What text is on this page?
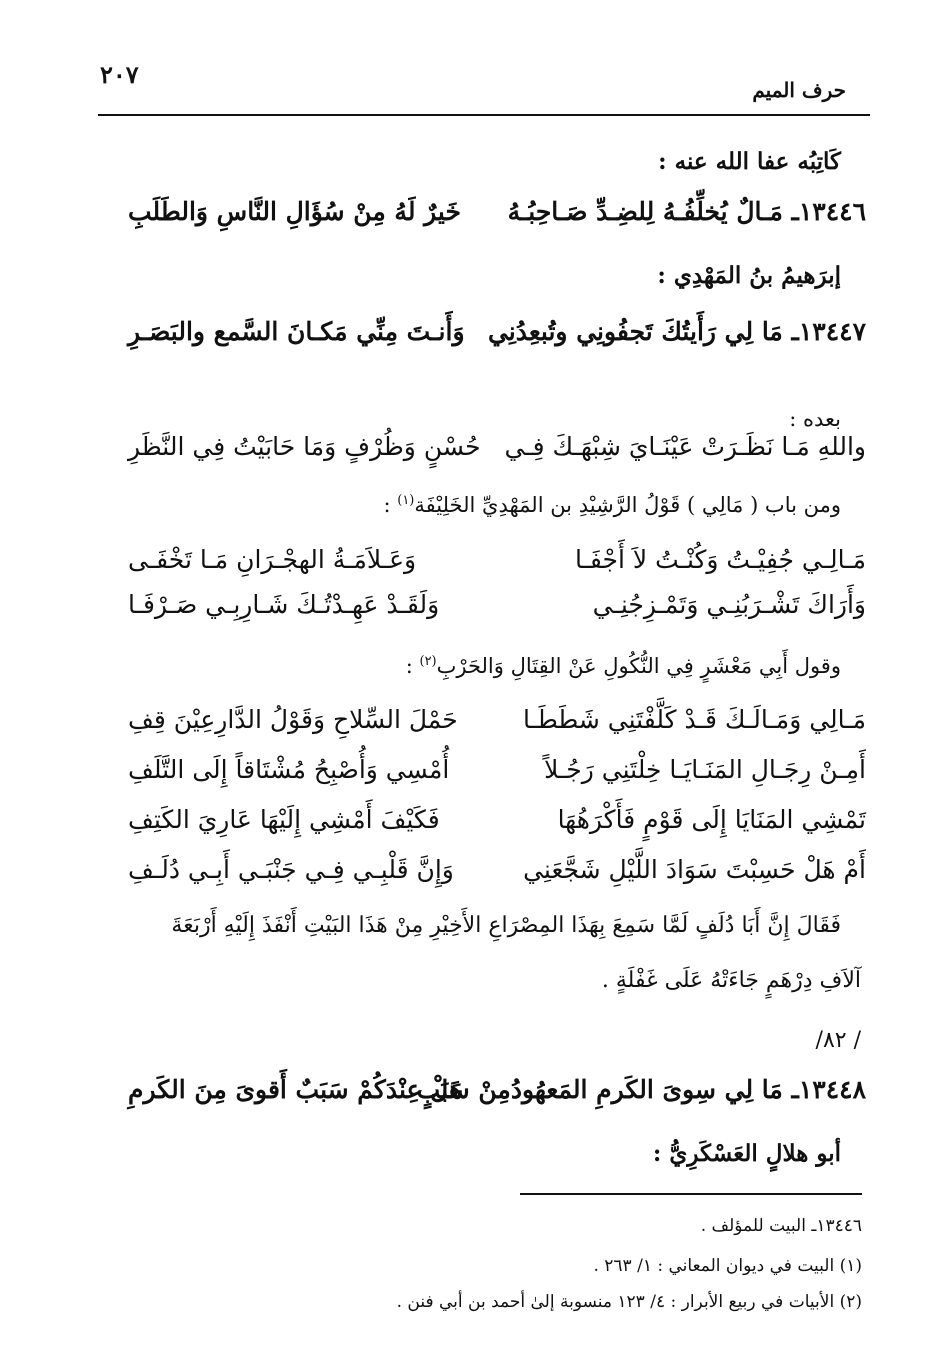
حرف الميم
٢٠٧
كَاتِبُه عفا الله عنه :
١٣٤٤٦ـ مَـالٌ يُخلِّفُـهُ لِلضِـدِّ صَـاحِبُـهُ
خَيرٌ لَهُ مِنْ سُؤَالِ النَّاسِ وَالطَلَبِ
إبرَهيمُ بنُ المَهْدِي :
١٣٤٤٧ـ مَا لِي رَأَيتُكَ تَجفُونِي وتُبعِدُنِي
وَأَنـتَ مِنِّي مَكـانَ السَّمع والبَصَـرِ
بعده :
واللهِ مَـا نَظَـرَتْ عَيْنَـايَ شِبْهَـكَ فِـي
حُسْنٍ وَظُرْفٍ وَمَا حَابَيْتُ فِي النَّظَرِ
ومن باب ( مَالِي ) قَوْلُ الرَّشِيْدِ بن المَهْدِيِّ الخَلِيْفَة$^{(١)}$ :
مَـالِـي جُفِيْـتُ وَكُنْـتُ لاَ أَجْفَـا
وَعَـلاَمَـةُ الهجْـرَانِ مَـا تَخْفَـى
وَأَرَاكَ تَشْـرَبُنِـي وَتَمْـزِجُنِـي
وَلَقَـدْ عَهِـدْتُـكَ شَـارِبِـي صَـرْفَـا
وقول أَبِي مَعْشَرٍ فِي النُّكُولِ عَنْ القِتَالِ وَالحَرْبِ$^{(٢)}$ :
مَـالِي وَمَـالَـكَ قَـدْ كَلَّفْتَنِي شَطَطَـا
حَمْلَ السِّلاحِ وَقَوْلُ الدَّارِعِيْنَ قِفِ
أَمِـنْ رِجَـالِ المَنَـايَـا خِلْتَنِي رَجُـلاً
أُمْسِي وَأُصْبِحُ مُشْتَاقاً إِلَى التَّلَفِ
تَمْشِي المَنَايَا إِلَى قَوْمٍ فَأَكْرَهُهَا
فَكَيْفَ أَمْشِي إِلَيْهَا عَارِيَ الكَتِفِ
أَمْ هَلْ حَسِبْتَ سَوَادَ اللَّيْلِ شَجَّعَنِي
وَإِنَّ قَلْبِـي فِـي جَنْبَـي أَبِـي دُلَـفِ
فَقَالَ إِنَّ أَبَا دُلَفٍ لَمَّا سَمِعَ بِهَذَا المِصْرَاعِ الأَخِيْرِ مِنْ هَذَا البَيْتِ أَنْفَذَ إِلَيْهِ أَرْبَعَةَ
آلاَفِ دِرْهَمٍ جَاءَتْهُ عَلَى غَفْلَةٍ .
/ ٨٢/
١٣٤٤٨ـ مَا لِي سِوىَ الكَرمِ المَعهُودُمِنْ سَبَبٍ
هَلْ عِنْدَكُمْ سَبَبٌ أَقوىَ مِنَ الكَرمِ
أبو هلالٍ العَسْكَرِيُّ :
١٣٤٤٦ـ البيت للمؤلف .
(١) البيت في ديوان المعاني : ١/ ٢٦٣ .
(٢) الأبيات في ربيع الأبرار : ٤/ ١٢٣ منسوبة إلىٰ أحمد بن أبي فنن .
